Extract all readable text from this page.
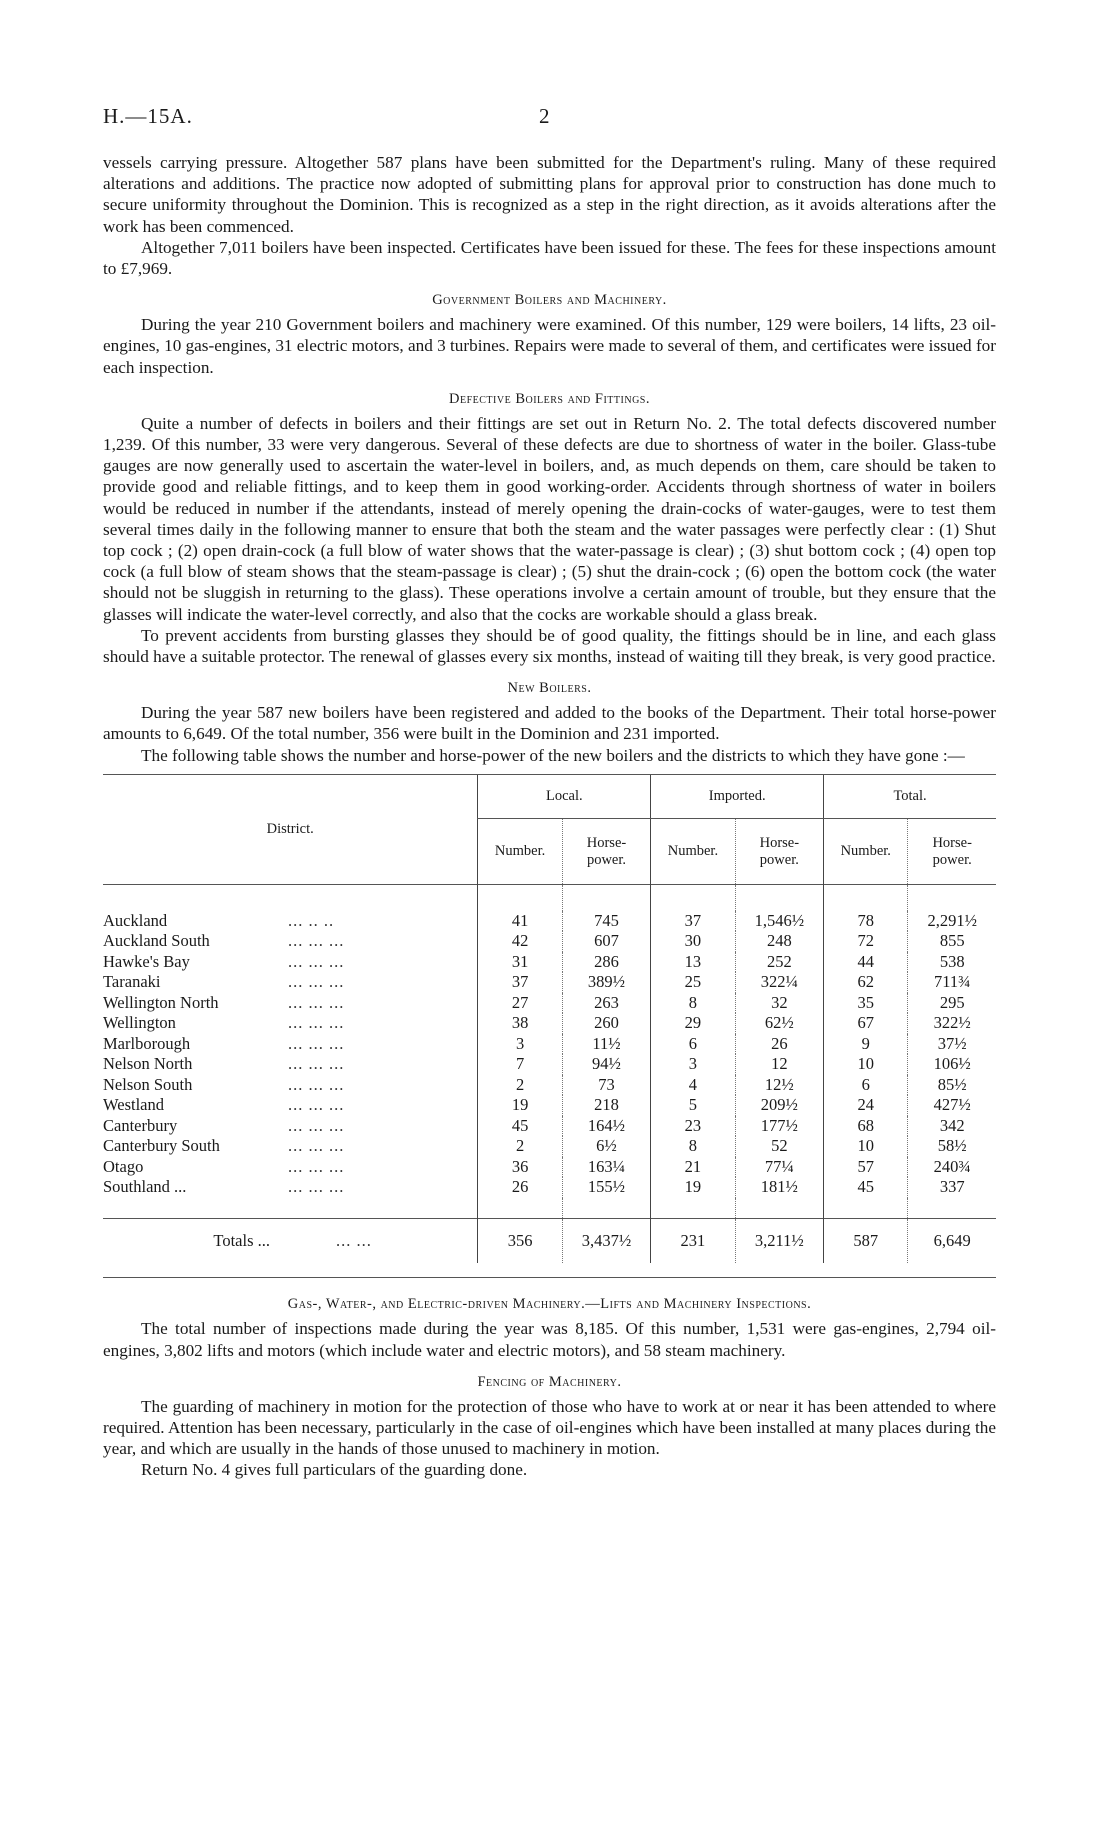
H.—15A.	2

vessels carrying pressure. Altogether 587 plans have been submitted for the Department's ruling. Many of these required alterations and additions. The practice now adopted of submitting plans for approval prior to construction has done much to secure uniformity throughout the Dominion. This is recognized as a step in the right direction, as it avoids alterations after the work has been commenced.

Altogether 7,011 boilers have been inspected. Certificates have been issued for these. The fees for these inspections amount to £7,969.

Government Boilers and Machinery.

During the year 210 Government boilers and machinery were examined. Of this number, 129 were boilers, 14 lifts, 23 oil-engines, 10 gas-engines, 31 electric motors, and 3 turbines. Repairs were made to several of them, and certificates were issued for each inspection.

Defective Boilers and Fittings.

Quite a number of defects in boilers and their fittings are set out in Return No. 2. The total defects discovered number 1,239. Of this number, 33 were very dangerous. Several of these defects are due to shortness of water in the boiler. Glass-tube gauges are now generally used to ascertain the water-level in boilers, and, as much depends on them, care should be taken to provide good and reliable fittings, and to keep them in good working-order. Accidents through shortness of water in boilers would be reduced in number if the attendants, instead of merely opening the drain-cocks of water-gauges, were to test them several times daily in the following manner to ensure that both the steam and the water passages were perfectly clear : (1) Shut top cock ; (2) open drain-cock (a full blow of water shows that the water-passage is clear) ; (3) shut bottom cock ; (4) open top cock (a full blow of steam shows that the steam-passage is clear) ; (5) shut the drain-cock ; (6) open the bottom cock (the water should not be sluggish in returning to the glass). These operations involve a certain amount of trouble, but they ensure that the glasses will indicate the water-level correctly, and also that the cocks are workable should a glass break.

To prevent accidents from bursting glasses they should be of good quality, the fittings should be in line, and each glass should have a suitable protector. The renewal of glasses every six months, instead of waiting till they break, is very good practice.

New Boilers.

During the year 587 new boilers have been registered and added to the books of the Department. Their total horse-power amounts to 6,649. Of the total number, 356 were built in the Dominion and 231 imported.

The following table shows the number and horse-power of the new boilers and the districts to which they have gone :—

District.	Local.		Imported.		Total.	
	Number.	Horse-power.	Number.	Horse-power.	Number.	Horse-power.

Auckland ... .. ..	41	745	37	1,546½	78	2,291½
Auckland South ... ... ...	42	607	30	248	72	855
Hawke's Bay ... ... ...	31	286	13	252	44	538
Taranaki ... ... ...	37	389½	25	322¼	62	711¾
Wellington North ... ... ...	27	263	8	32	35	295
Wellington ... ... ...	38	260	29	62½	67	322½
Marlborough ... ... ...	3	11½	6	26	9	37½
Nelson North ... ... ...	7	94½	3	12	10	106½
Nelson South ... ... ...	2	73	4	12½	6	85½
Westland ... ... ...	19	218	5	209½	24	427½
Canterbury ... ... ...	45	164½	23	177½	68	342
Canterbury South ... ... ...	2	6½	8	52	10	58½
Otago ... ... ...	36	163¼	21	77¼	57	240¾
Southland ... ... ... ...	26	155½	19	181½	45	337

Totals ... ... ...	356	3,437½	231	3,211½	587	6,649
Gas-, Water-, and Electric-driven Machinery.—Lifts and Machinery Inspections.

The total number of inspections made during the year was 8,185. Of this number, 1,531 were gas-engines, 2,794 oil-engines, 3,802 lifts and motors (which include water and electric motors), and 58 steam machinery.

Fencing of Machinery.

The guarding of machinery in motion for the protection of those who have to work at or near it has been attended to where required. Attention has been necessary, particularly in the case of oil-engines which have been installed at many places during the year, and which are usually in the hands of those unused to machinery in motion.

Return No. 4 gives full particulars of the guarding done.
